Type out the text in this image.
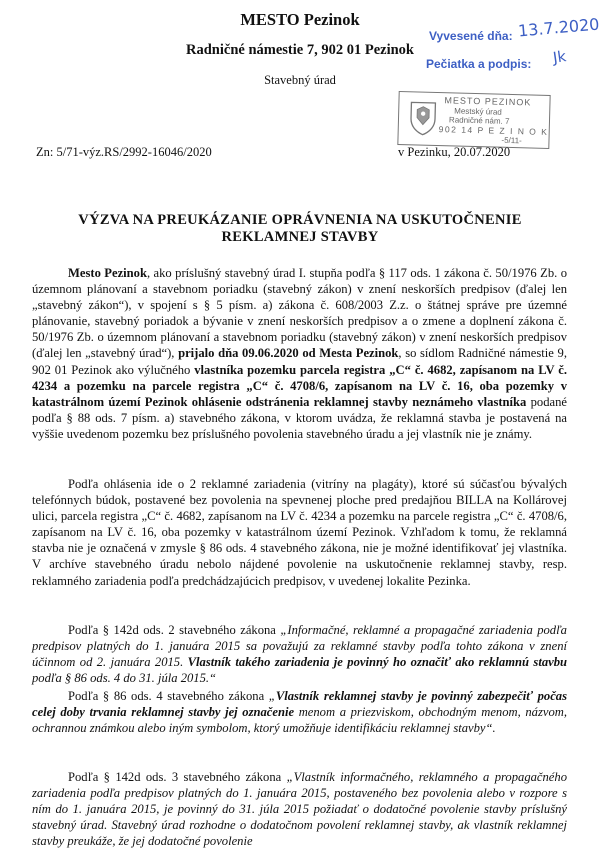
MESTO Pezinok
Radničné námestie 7, 902 01 Pezinok
Stavebný úrad
Vyvesené dňa: 13.7.2020
Pečiatka a podpis: Jk
MESTO PEZINOK
Mestský úrad
Radničné nám. 7
902 14 P E Z I N O K
-5/11-
Zn: 5/71-výz.RS/2992-16046/2020	v Pezinku, 20.07.2020
VÝZVA NA PREUKÁZANIE OPRÁVNENIA NA USKUTOČNENIE REKLAMNEJ STAVBY

Mesto Pezinok, ako príslušný stavebný úrad I. stupňa podľa § 117 ods. 1 zákona č. 50/1976 Zb. o územnom plánovaní a stavebnom poriadku (stavebný zákon) v znení neskorších predpisov (ďalej len „stavebný zákon“), v spojení s § 5 písm. a) zákona č. 608/2003 Z.z. o štátnej správe pre územné plánovanie, stavebný poriadok a bývanie v znení neskorších predpisov a o zmene a doplnení zákona č. 50/1976 Zb. o územnom plánovaní a stavebnom poriadku (stavebný zákon) v znení neskorších predpisov (ďalej len „stavebný úrad“), prijalo dňa 09.06.2020 od Mesta Pezinok, so sídlom Radničné námestie 9, 902 01 Pezinok ako výlučného vlastníka pozemku parcela registra „C“ č. 4682, zapísanom na LV č. 4234 a pozemku na parcele registra „C“ č. 4708/6, zapísanom na LV č. 16, oba pozemky v katastrálnom území Pezinok ohlásenie odstránenia reklamnej stavby neznámeho vlastníka podané podľa § 88 ods. 7 písm. a) stavebného zákona, v ktorom uvádza, že reklamná stavba je postavená na vyššie uvedenom pozemku bez príslušného povolenia stavebného úradu a jej vlastník nie je známy.

Podľa ohlásenia ide o 2 reklamné zariadenia (vitríny na plagáty), ktoré sú súčasťou bývalých telefónnych búdok, postavené bez povolenia na spevnenej ploche pred predajňou BILLA na Kollárovej ulici, parcela registra „C“ č. 4682, zapísanom na LV č. 4234 a pozemku na parcele registra „C“ č. 4708/6, zapísanom na LV č. 16, oba pozemky v katastrálnom území Pezinok. Vzhľadom k tomu, že reklamná stavba nie je označená v zmysle § 86 ods. 4 stavebného zákona, nie je možné identifikovať jej vlastníka. V archíve stavebného úradu nebolo nájdené povolenie na uskutočnenie reklamnej stavby, resp. reklamného zariadenia podľa predchádzajúcich predpisov, v uvedenej lokalite Pezinka.

Podľa § 142d ods. 2 stavebného zákona „Informačné, reklamné a propagačné zariadenia podľa predpisov platných do 1. januára 2015 sa považujú za reklamné stavby podľa tohto zákona v znení účinnom od 2. januára 2015. Vlastník takého zariadenia je povinný ho označiť ako reklamnú stavbu podľa § 86 ods. 4 do 31. júla 2015.“

Podľa § 86 ods. 4 stavebného zákona „Vlastník reklamnej stavby je povinný zabezpečiť počas celej doby trvania reklamnej stavby jej označenie menom a priezviskom, obchodným menom, názvom, ochrannou známkou alebo iným symbolom, ktorý umožňuje identifikáciu reklamnej stavby“.

Podľa § 142d ods. 3 stavebného zákona „Vlastník informačného, reklamného a propagačného zariadenia podľa predpisov platných do 1. januára 2015, postaveného bez povolenia alebo v rozpore s ním do 1. januára 2015, je povinný do 31. júla 2015 požiadať o dodatočné povolenie stavby príslušný stavebný úrad. Stavebný úrad rozhodne o dodatočnom povolení reklamnej stavby, ak vlastník reklamnej stavby preukáže, že jej dodatočné povolenie
